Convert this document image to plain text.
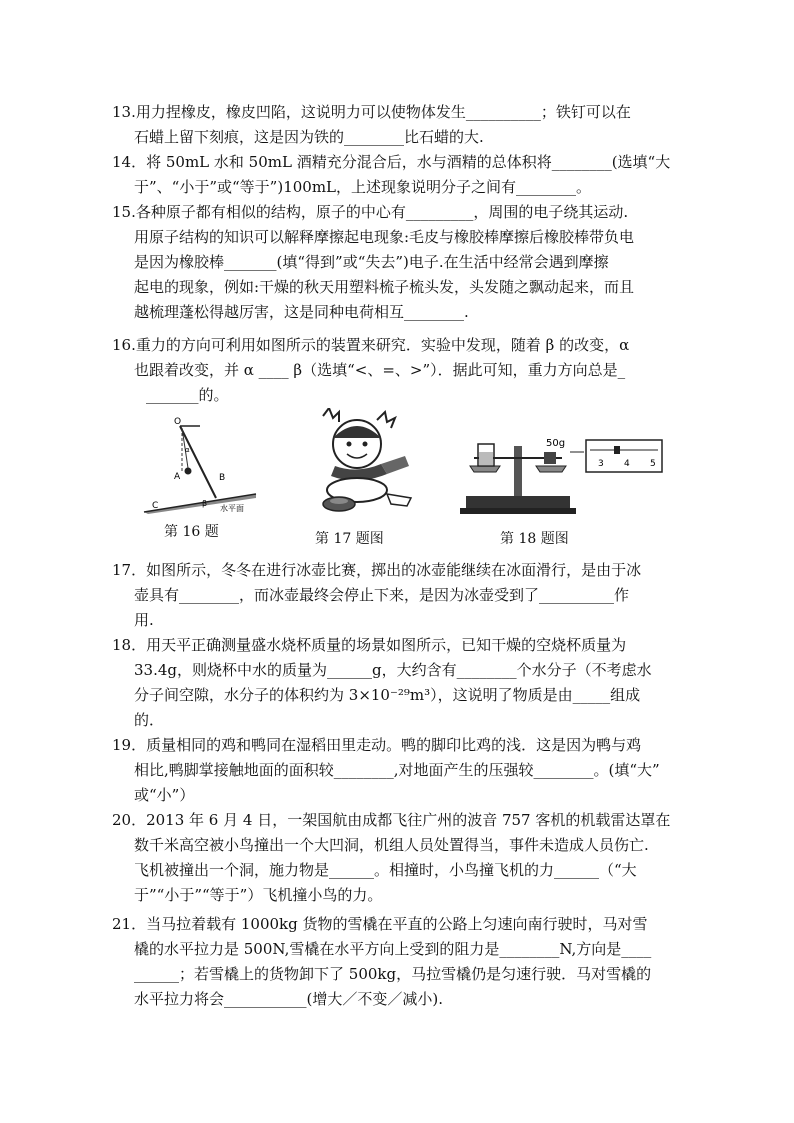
13.用力捏橡皮，橡皮凹陷，这说明力可以使物体发生__________；铁钉可以在
石蜡上留下刻痕，这是因为铁的________比石蜡的大.
14．将 50mL 水和 50mL 酒精充分混合后，水与酒精的总体积将________(选填“大
于”、“小于”或“等于”)100mL，上述现象说明分子之间有________。
15.各种原子都有相似的结构，原子的中心有_________，周围的电子绕其运动.
用原子结构的知识可以解释摩擦起电现象:毛皮与橡胶棒摩擦后橡胶棒带负电
是因为橡胶棒_______(填“得到”或“失去”)电子.在生活中经常会遇到摩擦
起电的现象，例如:干燥的秋天用塑料梳子梳头发，头发随之飘动起来，而且
越梳理蓬松得越厉害，这是同种电荷相互________.
16.重力的方向可利用如图所示的装置来研究．实验中发现，随着 β 的改变，α
也跟着改变，并 α ____ β（选填“<、=、>”）．据此可知，重力方向总是_
_______的。
O
A	B
C
α
β
水平面
第 16 题	第 17 题图
50g
3 4 5
第 18 题图
17．如图所示，冬冬在进行冰壶比赛，掷出的冰壶能继续在冰面滑行，是由于冰
壶具有________，而冰壶最终会停止下来，是因为冰壶受到了__________作
用.
18．用天平正确测量盛水烧杯质量的场景如图所示，已知干燥的空烧杯质量为
33.4g，则烧杯中水的质量为______g，大约含有________个水分子（不考虑水
分子间空隙，水分子的体积约为 3×10⁻²⁹m³），这说明了物质是由_____组成
的．
19．质量相同的鸡和鸭同在湿稻田里走动。鸭的脚印比鸡的浅．这是因为鸭与鸡
相比,鸭脚掌接触地面的面积较________,对地面产生的压强较________。(填“大”
或“小”）
20．2013 年 6 月 4 日，一架国航由成都飞往广州的波音 757 客机的机载雷达罩在
数千米高空被小鸟撞出一个大凹洞，机组人员处置得当，事件未造成人员伤亡.
飞机被撞出一个洞，施力物是______。相撞时，小鸟撞飞机的力______（“大
于”“小于”“等于”）飞机撞小鸟的力。
21．当马拉着载有 1000kg 货物的雪橇在平直的公路上匀速向南行驶时，马对雪
橇的水平拉力是 500N,雪橇在水平方向上受到的阻力是________N,方向是____
______；若雪橇上的货物卸下了 500kg，马拉雪橇仍是匀速行驶．马对雪橇的
水平拉力将会___________(增大／不变／减小).
